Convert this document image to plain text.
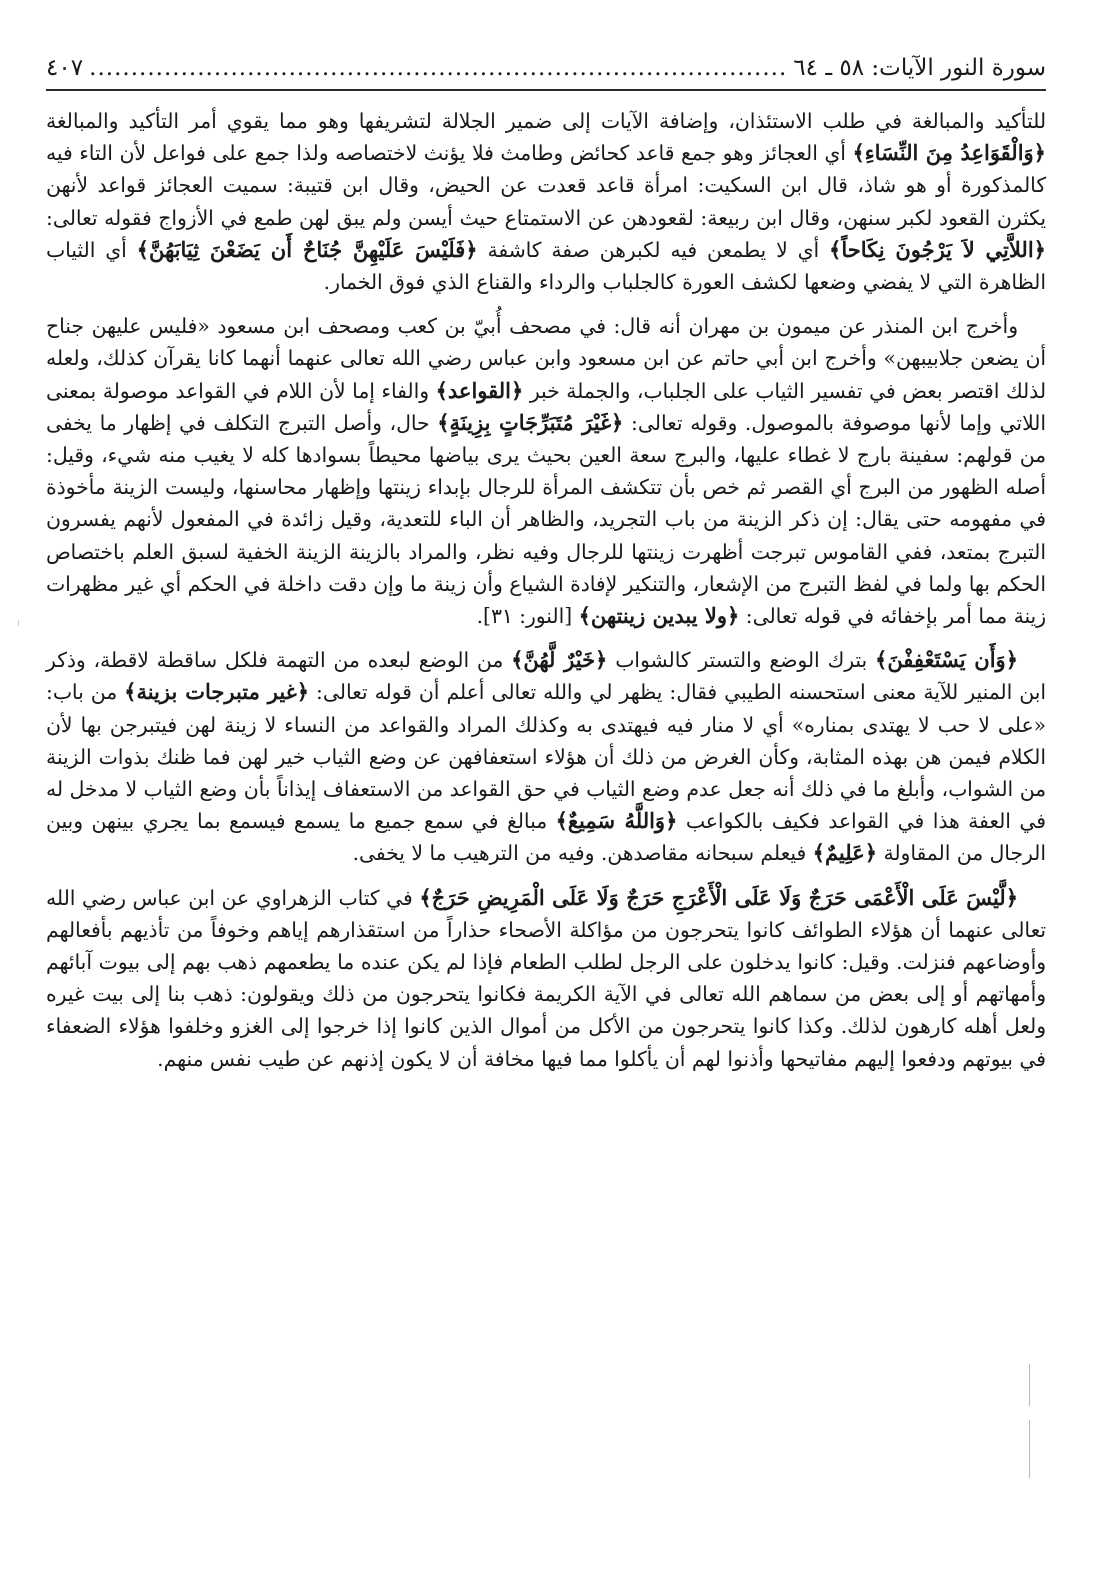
سورة النور الآيات: ٥٨ ـ ٦٤
.....
٤٠٧

للتأكيد والمبالغة في طلب الاستئذان، وإضافة الآيات إلى ضمير الجلالة لتشريفها وهو مما يقوي أمر التأكيد والمبالغة ﴿وَالْقَوَاعِدُ مِنَ النِّسَاءِ﴾ أي العجائز وهو جمع قاعد كحائض وطامث فلا يؤنث لاختصاصه ولذا جمع على فواعل لأن التاء فيه كالمذكورة أو هو شاذ، قال ابن السكيت: امرأة قاعد قعدت عن الحيض، وقال ابن قتيبة: سميت العجائز قواعد لأنهن يكثرن القعود لكبر سنهن، وقال ابن ربيعة: لقعودهن عن الاستمتاع حيث أيسن ولم يبق لهن طمع في الأزواج فقوله تعالى: ﴿اللاَّتِي لاَ يَرْجُونَ نِكَاحاً﴾ أي لا يطمعن فيه لكبرهن صفة كاشفة ﴿فَلَيْسَ عَلَيْهِنَّ جُنَاحٌ أَن يَضَعْنَ ثِيَابَهُنَّ﴾ أي الثياب الظاهرة التي لا يفضي وضعها لكشف العورة كالجلباب والرداء والقناع الذي فوق الخمار.

وأخرج ابن المنذر عن ميمون بن مهران أنه قال: في مصحف أُبيّ بن كعب ومصحف ابن مسعود «فليس عليهن جناح أن يضعن جلابيبهن» وأخرج ابن أبي حاتم عن ابن مسعود وابن عباس رضي الله تعالى عنهما أنهما كانا يقرآن كذلك، ولعله لذلك اقتصر بعض في تفسير الثياب على الجلباب، والجملة خبر ﴿القواعد﴾ والفاء إما لأن اللام في القواعد موصولة بمعنى اللاتي وإما لأنها موصوفة بالموصول. وقوله تعالى: ﴿غَيْرَ مُتَبَرِّجَاتٍ بِزِينَةٍ﴾ حال، وأصل التبرج التكلف في إظهار ما يخفى من قولهم: سفينة بارج لا غطاء عليها، والبرج سعة العين بحيث يرى بياضها محيطاً بسوادها كله لا يغيب منه شيء، وقيل: أصله الظهور من البرج أي القصر ثم خص بأن تتكشف المرأة للرجال بإبداء زينتها وإظهار محاسنها، وليست الزينة مأخوذة في مفهومه حتى يقال: إن ذكر الزينة من باب التجريد، والظاهر أن الباء للتعدية، وقيل زائدة في المفعول لأنهم يفسرون التبرج بمتعد، ففي القاموس تبرجت أظهرت زينتها للرجال وفيه نظر، والمراد بالزينة الزينة الخفية لسبق العلم باختصاص الحكم بها ولما في لفظ التبرج من الإشعار، والتنكير لإفادة الشياع وأن زينة ما وإن دقت داخلة في الحكم أي غير مظهرات زينة مما أمر بإخفائه في قوله تعالى: ﴿ولا يبدين زينتهن﴾ [النور: ٣١].

﴿وَأَن يَسْتَعْفِفْنَ﴾ بترك الوضع والتستر كالشواب ﴿خَيْرٌ لَّهُنَّ﴾ من الوضع لبعده من التهمة فلكل ساقطة لاقطة، وذكر ابن المنير للآية معنى استحسنه الطيبي فقال: يظهر لي والله تعالى أعلم أن قوله تعالى: ﴿غير متبرجات بزينة﴾ من باب: «على لا حب لا يهتدى بمناره» أي لا منار فيه فيهتدى به وكذلك المراد والقواعد من النساء لا زينة لهن فيتبرجن بها لأن الكلام فيمن هن بهذه المثابة، وكأن الغرض من ذلك أن هؤلاء استعفافهن عن وضع الثياب خير لهن فما ظنك بذوات الزينة من الشواب، وأبلغ ما في ذلك أنه جعل عدم وضع الثياب في حق القواعد من الاستعفاف إيذاناً بأن وضع الثياب لا مدخل له في العفة هذا في القواعد فكيف بالكواعب ﴿وَاللَّهُ سَمِيعٌ﴾ مبالغ في سمع جميع ما يسمع فيسمع بما يجري بينهن وبين الرجال من المقاولة ﴿عَلِيمٌ﴾ فيعلم سبحانه مقاصدهن. وفيه من الترهيب ما لا يخفى.

﴿لَّيْسَ عَلَى الْأَعْمَى حَرَجٌ وَلَا عَلَى الْأَعْرَجِ حَرَجٌ وَلَا عَلَى الْمَرِيضِ حَرَجٌ﴾ في كتاب الزهراوي عن ابن عباس رضي الله تعالى عنهما أن هؤلاء الطوائف كانوا يتحرجون من مؤاكلة الأصحاء حذاراً من استقذارهم إياهم وخوفاً من تأذيهم بأفعالهم وأوضاعهم فنزلت. وقيل: كانوا يدخلون على الرجل لطلب الطعام فإذا لم يكن عنده ما يطعمهم ذهب بهم إلى بيوت آبائهم وأمهاتهم أو إلى بعض من سماهم الله تعالى في الآية الكريمة فكانوا يتحرجون من ذلك ويقولون: ذهب بنا إلى بيت غيره ولعل أهله كارهون لذلك. وكذا كانوا يتحرجون من الأكل من أموال الذين كانوا إذا خرجوا إلى الغزو وخلفوا هؤلاء الضعفاء في بيوتهم ودفعوا إليهم مفاتيحها وأذنوا لهم أن يأكلوا مما فيها مخافة أن لا يكون إذنهم عن طيب نفس منهم.
